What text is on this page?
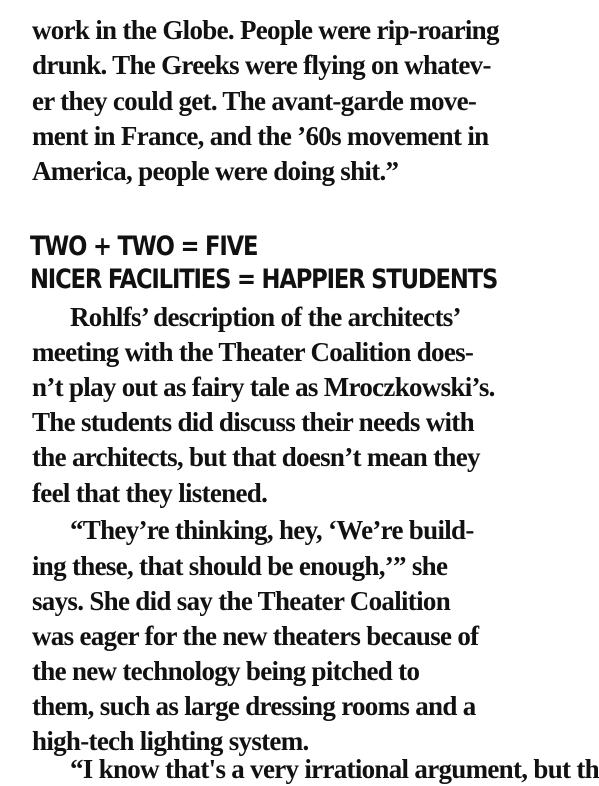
work in the Globe. People were rip-roaring
drunk. The Greeks were flying on whatev-
er they could get. The avant-garde move-
ment in France, and the ’60s movement in
America, people were doing shit.”
TWO + TWO = FIVE
NICER FACILITIES = HAPPIER STUDENTS
Rohlfs’ description of the architects’
meeting with the Theater Coalition does-
n’t play out as fairy tale as Mroczkowski’s.
The students did discuss their needs with
the architects, but that doesn’t mean they
feel that they listened.
“They’re thinking, hey, ‘We’re build-
ing these, that should be enough,’” she
says. She did say the Theater Coalition
was eager for the new theaters because of
the new technology being pitched to
them, such as large dressing rooms and a
high-tech lighting system.
“I know that's a very irrational argument, but th
